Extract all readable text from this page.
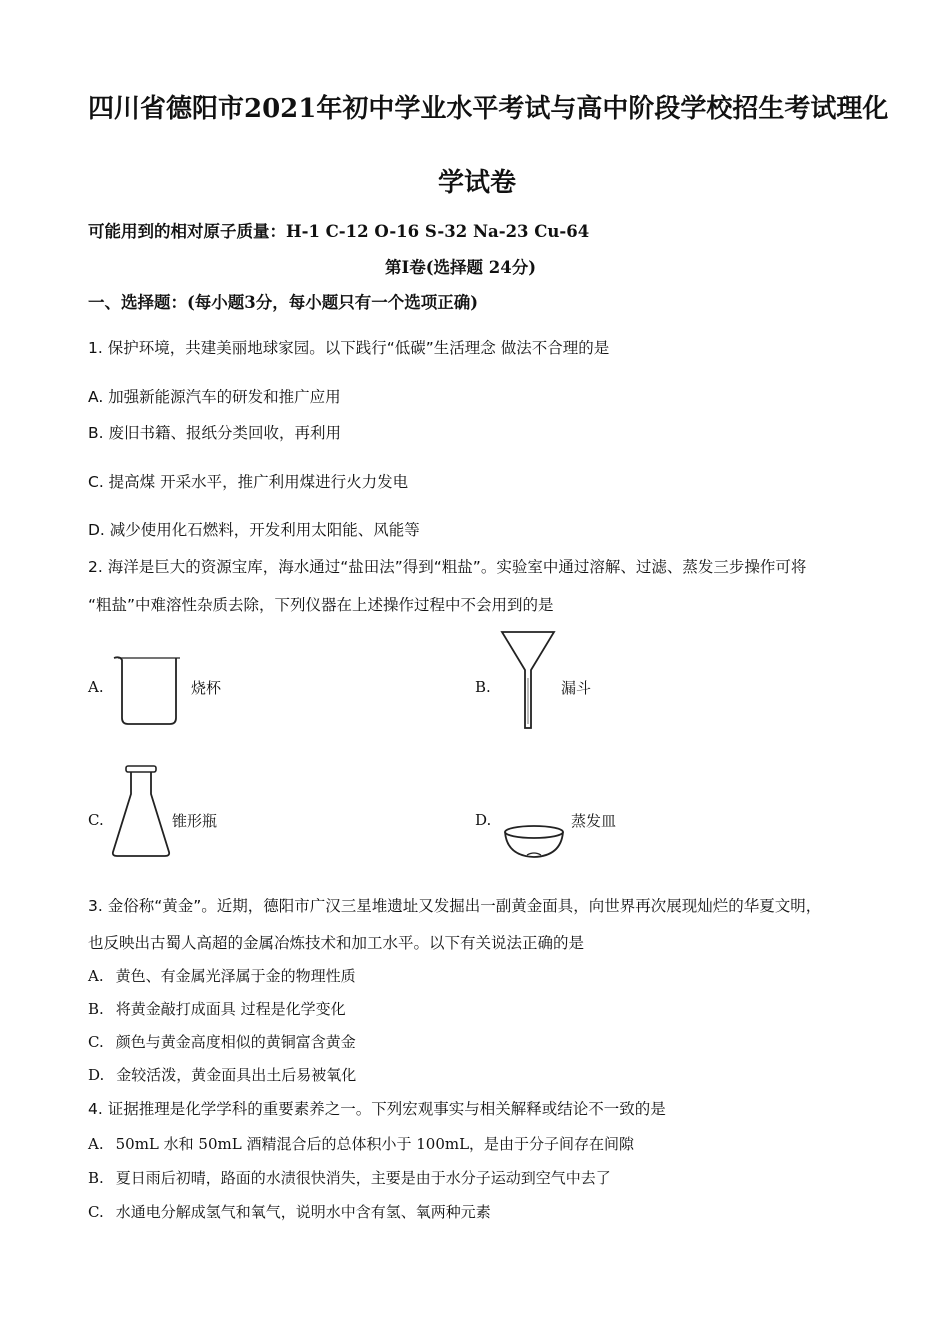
四川省德阳市2021年初中学业水平考试与高中阶段学校招生考试理化
学试卷
可能用到的相对原子质量：H-1 C-12 O-16 S-32 Na-23 Cu-64
第Ⅰ卷(选择题 24分)
一、选择题：(每小题3分，每小题只有一个选项正确)
1. 保护环境，共建美丽地球家园。以下践行“低碳”生活理念 做法不合理的是
A. 加强新能源汽车的研发和推广应用
B. 废旧书籍、报纸分类回收，再利用
C. 提高煤 开采水平，推广利用煤进行火力发电
D. 减少使用化石燃料，开发利用太阳能、风能等
2. 海洋是巨大的资源宝库，海水通过“盐田法”得到“粗盐”。实验室中通过溶解、过滤、蒸发三步操作可将
“粗盐”中难溶性杂质去除，下列仪器在上述操作过程中不会用到的是
A.	烧杯	B.	漏斗
C.	锥形瓶	D.	蒸发皿
3. 金俗称“黄金”。近期，德阳市广汉三星堆遗址又发掘出一副黄金面具，向世界再次展现灿烂的华夏文明，
也反映出古蜀人高超的金属冶炼技术和加工水平。以下有关说法正确的是
A. 黄色、有金属光泽属于金的物理性质
B. 将黄金敲打成面具 过程是化学变化
C. 颜色与黄金高度相似的黄铜富含黄金
D. 金较活泼，黄金面具出土后易被氧化
4. 证据推理是化学学科的重要素养之一。下列宏观事实与相关解释或结论不一致的是
A. 50mL 水和 50mL 酒精混合后的总体积小于 100mL，是由于分子间存在间隙
B. 夏日雨后初晴，路面的水渍很快消失，主要是由于水分子运动到空气中去了
C. 水通电分解成氢气和氧气，说明水中含有氢、氧两种元素
